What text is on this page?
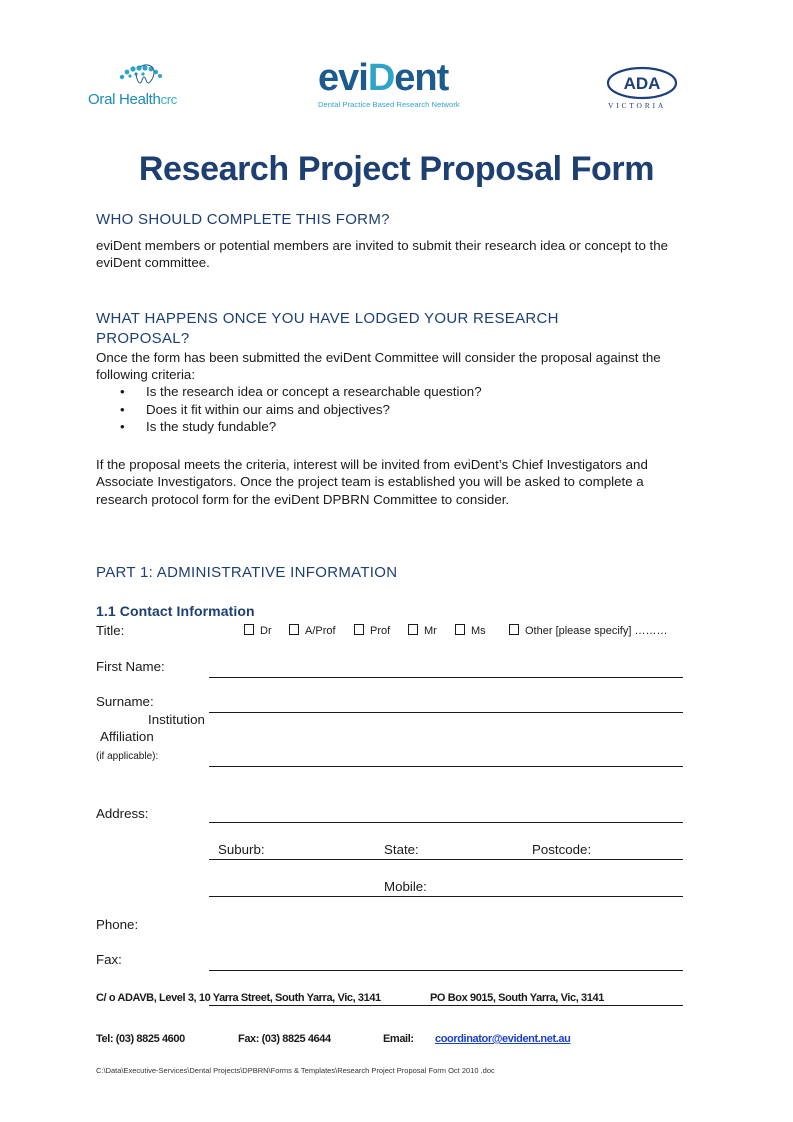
Oral Healthcrc
eviDent
Dental Practice Based Research Network
ADA
VICTORIA
Research Project Proposal Form
WHO SHOULD COMPLETE THIS FORM?
eviDent members or potential members are invited to submit their research idea or concept to the eviDent committee.
WHAT HAPPENS ONCE YOU HAVE LODGED YOUR RESEARCH
PROPOSAL?
Once the form has been submitted the eviDent Committee will consider the proposal against the following criteria:
• Is the research idea or concept a researchable question?
• Does it fit within our aims and objectives?
• Is the study fundable?
If the proposal meets the criteria, interest will be invited from eviDent’s Chief Investigators and Associate Investigators. Once the project team is established you will be asked to complete a research protocol form for the eviDent DPBRN Committee to consider.
PART 1: ADMINISTRATIVE INFORMATION
1.1 Contact Information
Title:	Dr	A/Prof	Prof	Mr	Ms	Other [please specify] ………
First Name:
Surname:
Institution
Affiliation
(if applicable):
Address:
Suburb:	State:	Postcode:
Mobile:
Phone:
Fax:
C/ o ADAVB, Level 3, 10 Yarra Street, South Yarra, Vic, 3141	PO Box 9015, South Yarra, Vic, 3141
Tel: (03) 8825 4600	Fax: (03) 8825 4644	Email: coordinator@evident.net.au
C:\Data\Executive-Services\Dental Projects\DPBRN\Forms & Templates\Research Project Proposal Form Oct 2010 .doc
